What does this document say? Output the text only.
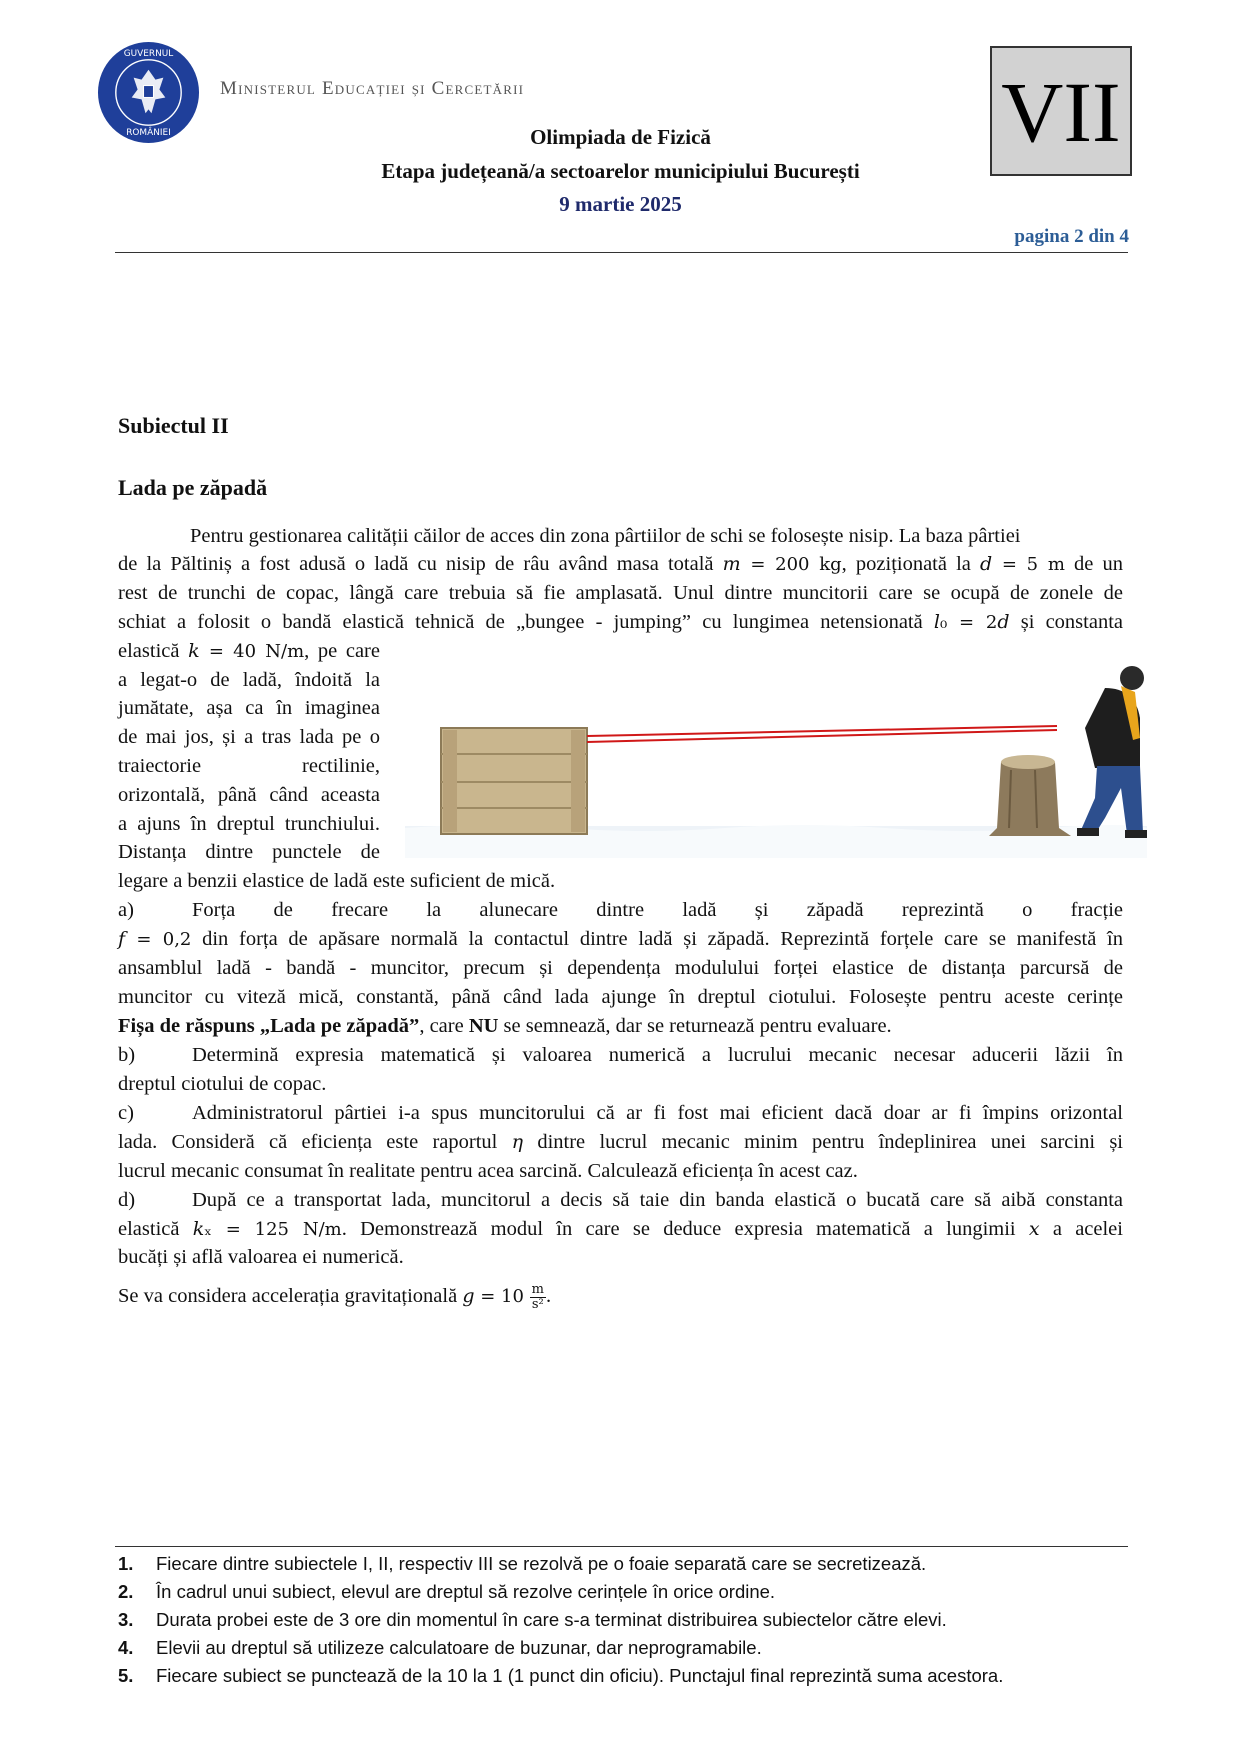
GUVERNUL
ROMÂNIEI
Ministerul Educației și Cercetării	VII
Olimpiada de Fizică
Etapa județeană/a sectoarelor municipiului București
9 martie 2025
pagina 2 din 4
Subiectul II
Lada pe zăpadă
Pentru gestionarea calității căilor de acces din zona pârtiilor de schi se folosește nisip. La baza pârtiei
de la Păltiniș a fost adusă o ladă cu nisip de râu având masa totală m = 200 kg, poziționată la d = 5 m de un
rest de trunchi de copac, lângă care trebuia să fie amplasată. Unul dintre muncitorii care se ocupă de zonele de
schiat a folosit o bandă elastică tehnică de „bungee - jumping” cu lungimea netensionată l₀ = 2d și constanta
elastică k = 40 N/m, pe care
a legat-o de ladă, îndoită la
jumătate, așa ca în imaginea
de mai jos, și a tras lada pe o
traiectorie rectilinie,
orizontală, până când aceasta
a ajuns în dreptul trunchiului.
Distanța dintre punctele de
legare a benzii elastice de ladă este suficient de mică.
a)	Forța de frecare la alunecare dintre ladă și zăpadă reprezintă o fracție
f = 0,2 din forța de apăsare normală la contactul dintre ladă și zăpadă. Reprezintă forțele care se manifestă în
ansamblul ladă - bandă - muncitor, precum și dependența modulului forței elastice de distanța parcursă de
muncitor cu viteză mică, constantă, până când lada ajunge în dreptul ciotului. Folosește pentru aceste cerințe
Fișa de răspuns „Lada pe zăpadă”, care NU se semnează, dar se returnează pentru evaluare.
b)	Determină expresia matematică și valoarea numerică a lucrului mecanic necesar aducerii lăzii în
dreptul ciotului de copac.
c)	Administratorul pârtiei i-a spus muncitorului că ar fi fost mai eficient dacă doar ar fi împins orizontal
lada. Consideră că eficiența este raportul η dintre lucrul mecanic minim pentru îndeplinirea unei sarcini și
lucrul mecanic consumat în realitate pentru acea sarcină. Calculează eficiența în acest caz.
d)	După ce a transportat lada, muncitorul a decis să taie din banda elastică o bucată care să aibă constanta
elastică kₓ = 125 N/m. Demonstrează modul în care se deduce expresia matematică a lungimii x a acelei
bucăți și află valoarea ei numerică.
Se va considera accelerația gravitațională $g = 10 \frac{m}{\text{s²}}$ .
1. Fiecare dintre subiectele I, II, respectiv III se rezolvă pe o foaie separată care se secretizează.
2. În cadrul unui subiect, elevul are dreptul să rezolve cerințele în orice ordine.
3. Durata probei este de 3 ore din momentul în care s-a terminat distribuirea subiectelor către elevi.
4. Elevii au dreptul să utilizeze calculatoare de buzunar, dar neprogramabile.
5. Fiecare subiect se punctează de la 10 la 1 (1 punct din oficiu). Punctajul final reprezintă suma acestora.
